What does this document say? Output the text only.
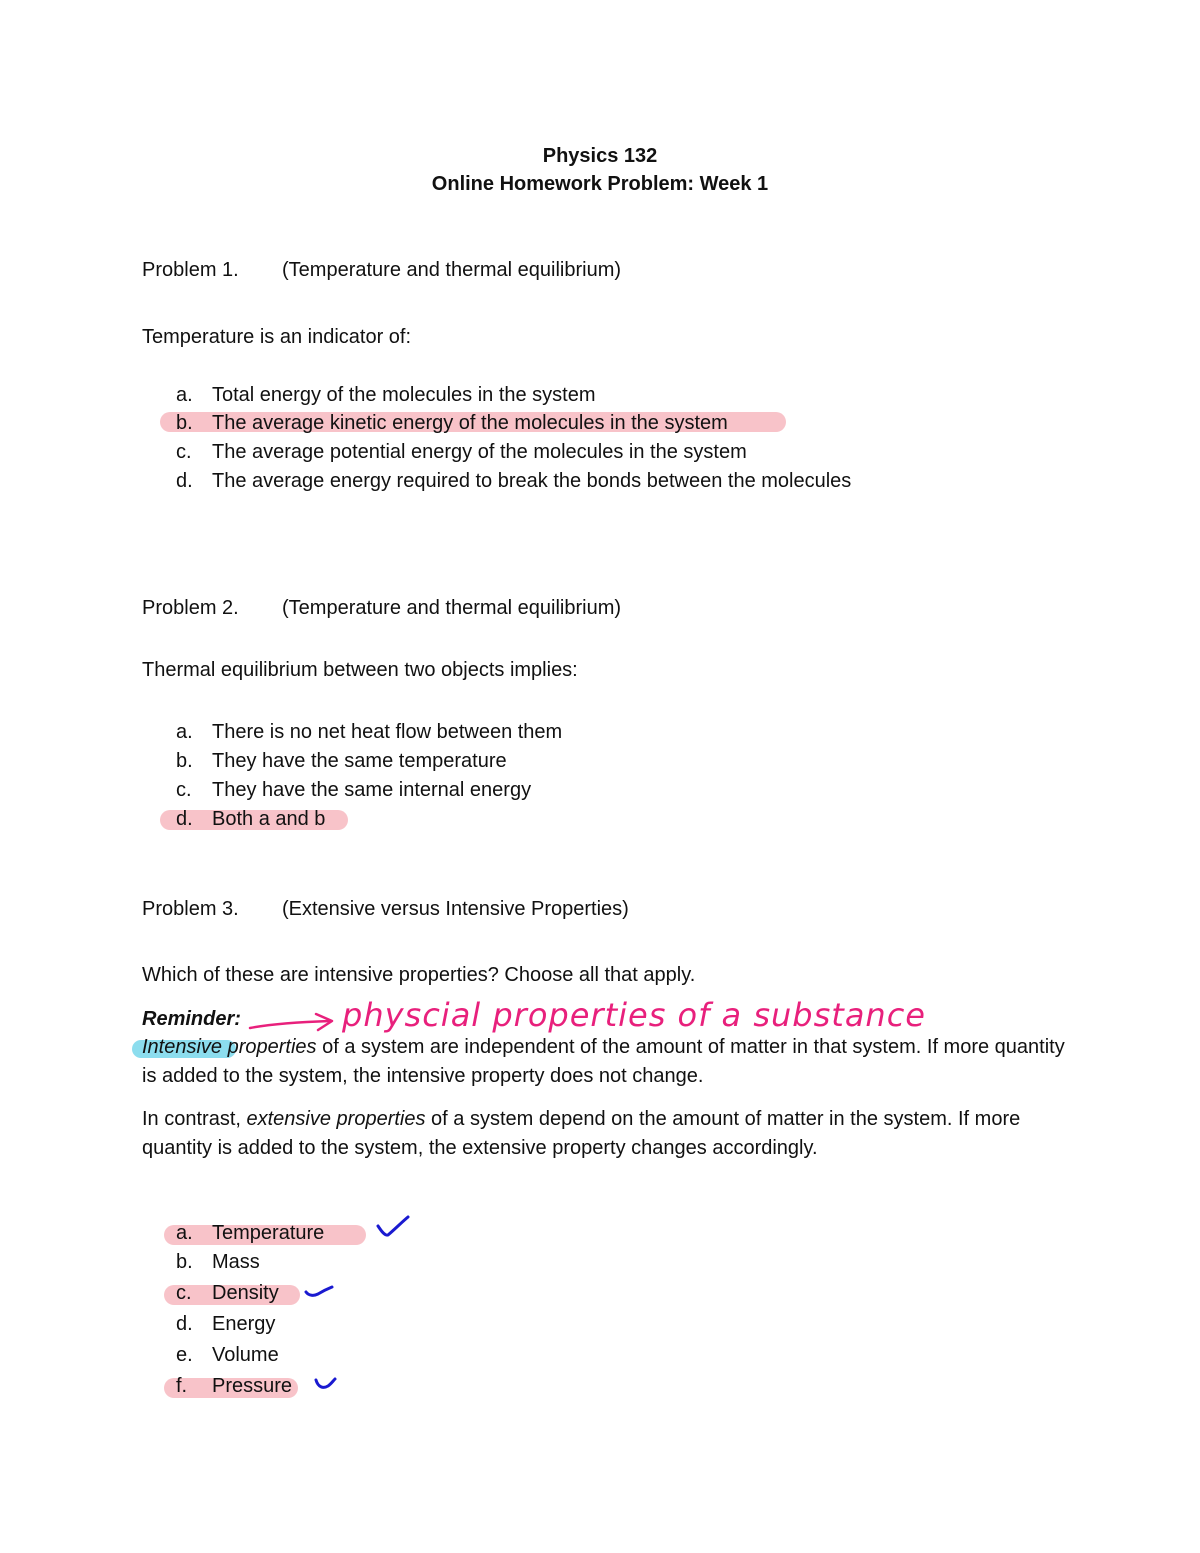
Physics 132
Online Homework Problem: Week 1
Problem 1. (Temperature and thermal equilibrium)
Temperature is an indicator of:
a. Total energy of the molecules in the system
b. The average kinetic energy of the molecules in the system
c. The average potential energy of the molecules in the system
d. The average energy required to break the bonds between the molecules
Problem 2. (Temperature and thermal equilibrium)
Thermal equilibrium between two objects implies:
a. There is no net heat flow between them
b. They have the same temperature
c. They have the same internal energy
d. Both a and b
Problem 3. (Extensive versus Intensive Properties)
Which of these are intensive properties? Choose all that apply.
Reminder:	physcial properties of a substance
Intensive properties of a system are independent of the amount of matter in that system. If more quantity is added to the system, the intensive property does not change.
In contrast, extensive properties of a system depend on the amount of matter in the system. If more quantity is added to the system, the extensive property changes accordingly.
a. Temperature
b. Mass
c. Density
d. Energy
e. Volume
f. Pressure
